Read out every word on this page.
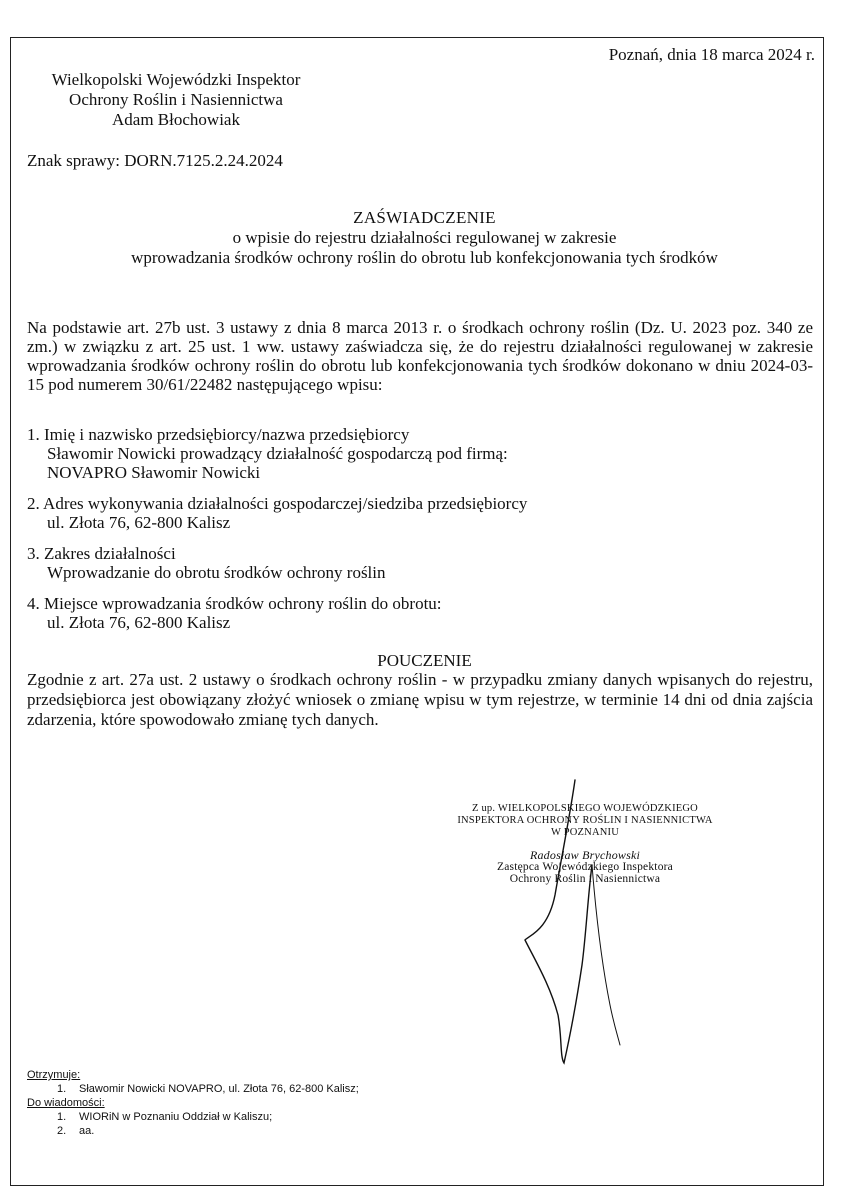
Poznań, dnia 18 marca 2024 r.
Wielkopolski Wojewódzki Inspektor
Ochrony Roślin i Nasiennictwa
Adam Błochowiak
Znak sprawy: DORN.7125.2.24.2024
ZAŚWIADCZENIE
o wpisie do rejestru działalności regulowanej w zakresie
wprowadzania środków ochrony roślin do obrotu lub konfekcjonowania tych środków
Na podstawie art. 27b ust. 3 ustawy z dnia 8 marca 2013 r. o środkach ochrony roślin (Dz. U. 2023 poz. 340 ze zm.) w związku z art. 25 ust. 1 ww. ustawy zaświadcza się, że do rejestru działalności regulowanej w zakresie wprowadzania środków ochrony roślin do obrotu lub konfekcjonowania tych środków dokonano w dniu 2024-03-15 pod numerem 30/61/22482 następującego wpisu:
1. Imię i nazwisko przedsiębiorcy/nazwa przedsiębiorcy
Sławomir Nowicki prowadzący działalność gospodarczą pod firmą:
NOVAPRO Sławomir Nowicki
2. Adres wykonywania działalności gospodarczej/siedziba przedsiębiorcy
ul. Złota 76, 62-800 Kalisz
3. Zakres działalności
Wprowadzanie do obrotu środków ochrony roślin
4. Miejsce wprowadzania środków ochrony roślin do obrotu:
ul. Złota 76, 62-800 Kalisz
POUCZENIE
Zgodnie z art. 27a ust. 2 ustawy o środkach ochrony roślin - w przypadku zmiany danych wpisanych do rejestru, przedsiębiorca jest obowiązany złożyć wniosek o zmianę wpisu w tym rejestrze, w terminie 14 dni od dnia zajścia zdarzenia, które spowodowało zmianę tych danych.
Z up. WIELKOPOLSKIEGO WOJEWÓDZKIEGO
INSPEKTORA OCHRONY ROŚLIN I NASIENNICTWA
W POZNANIU
Radosław Brychowski
Zastępca Wojewódzkiego Inspektora
Ochrony Roślin i Nasiennictwa
Otrzymuje:
1. Sławomir Nowicki NOVAPRO, ul. Złota 76, 62-800 Kalisz;
Do wiadomości:
1. WIORiN w Poznaniu Oddział w Kaliszu;
2. aa.
